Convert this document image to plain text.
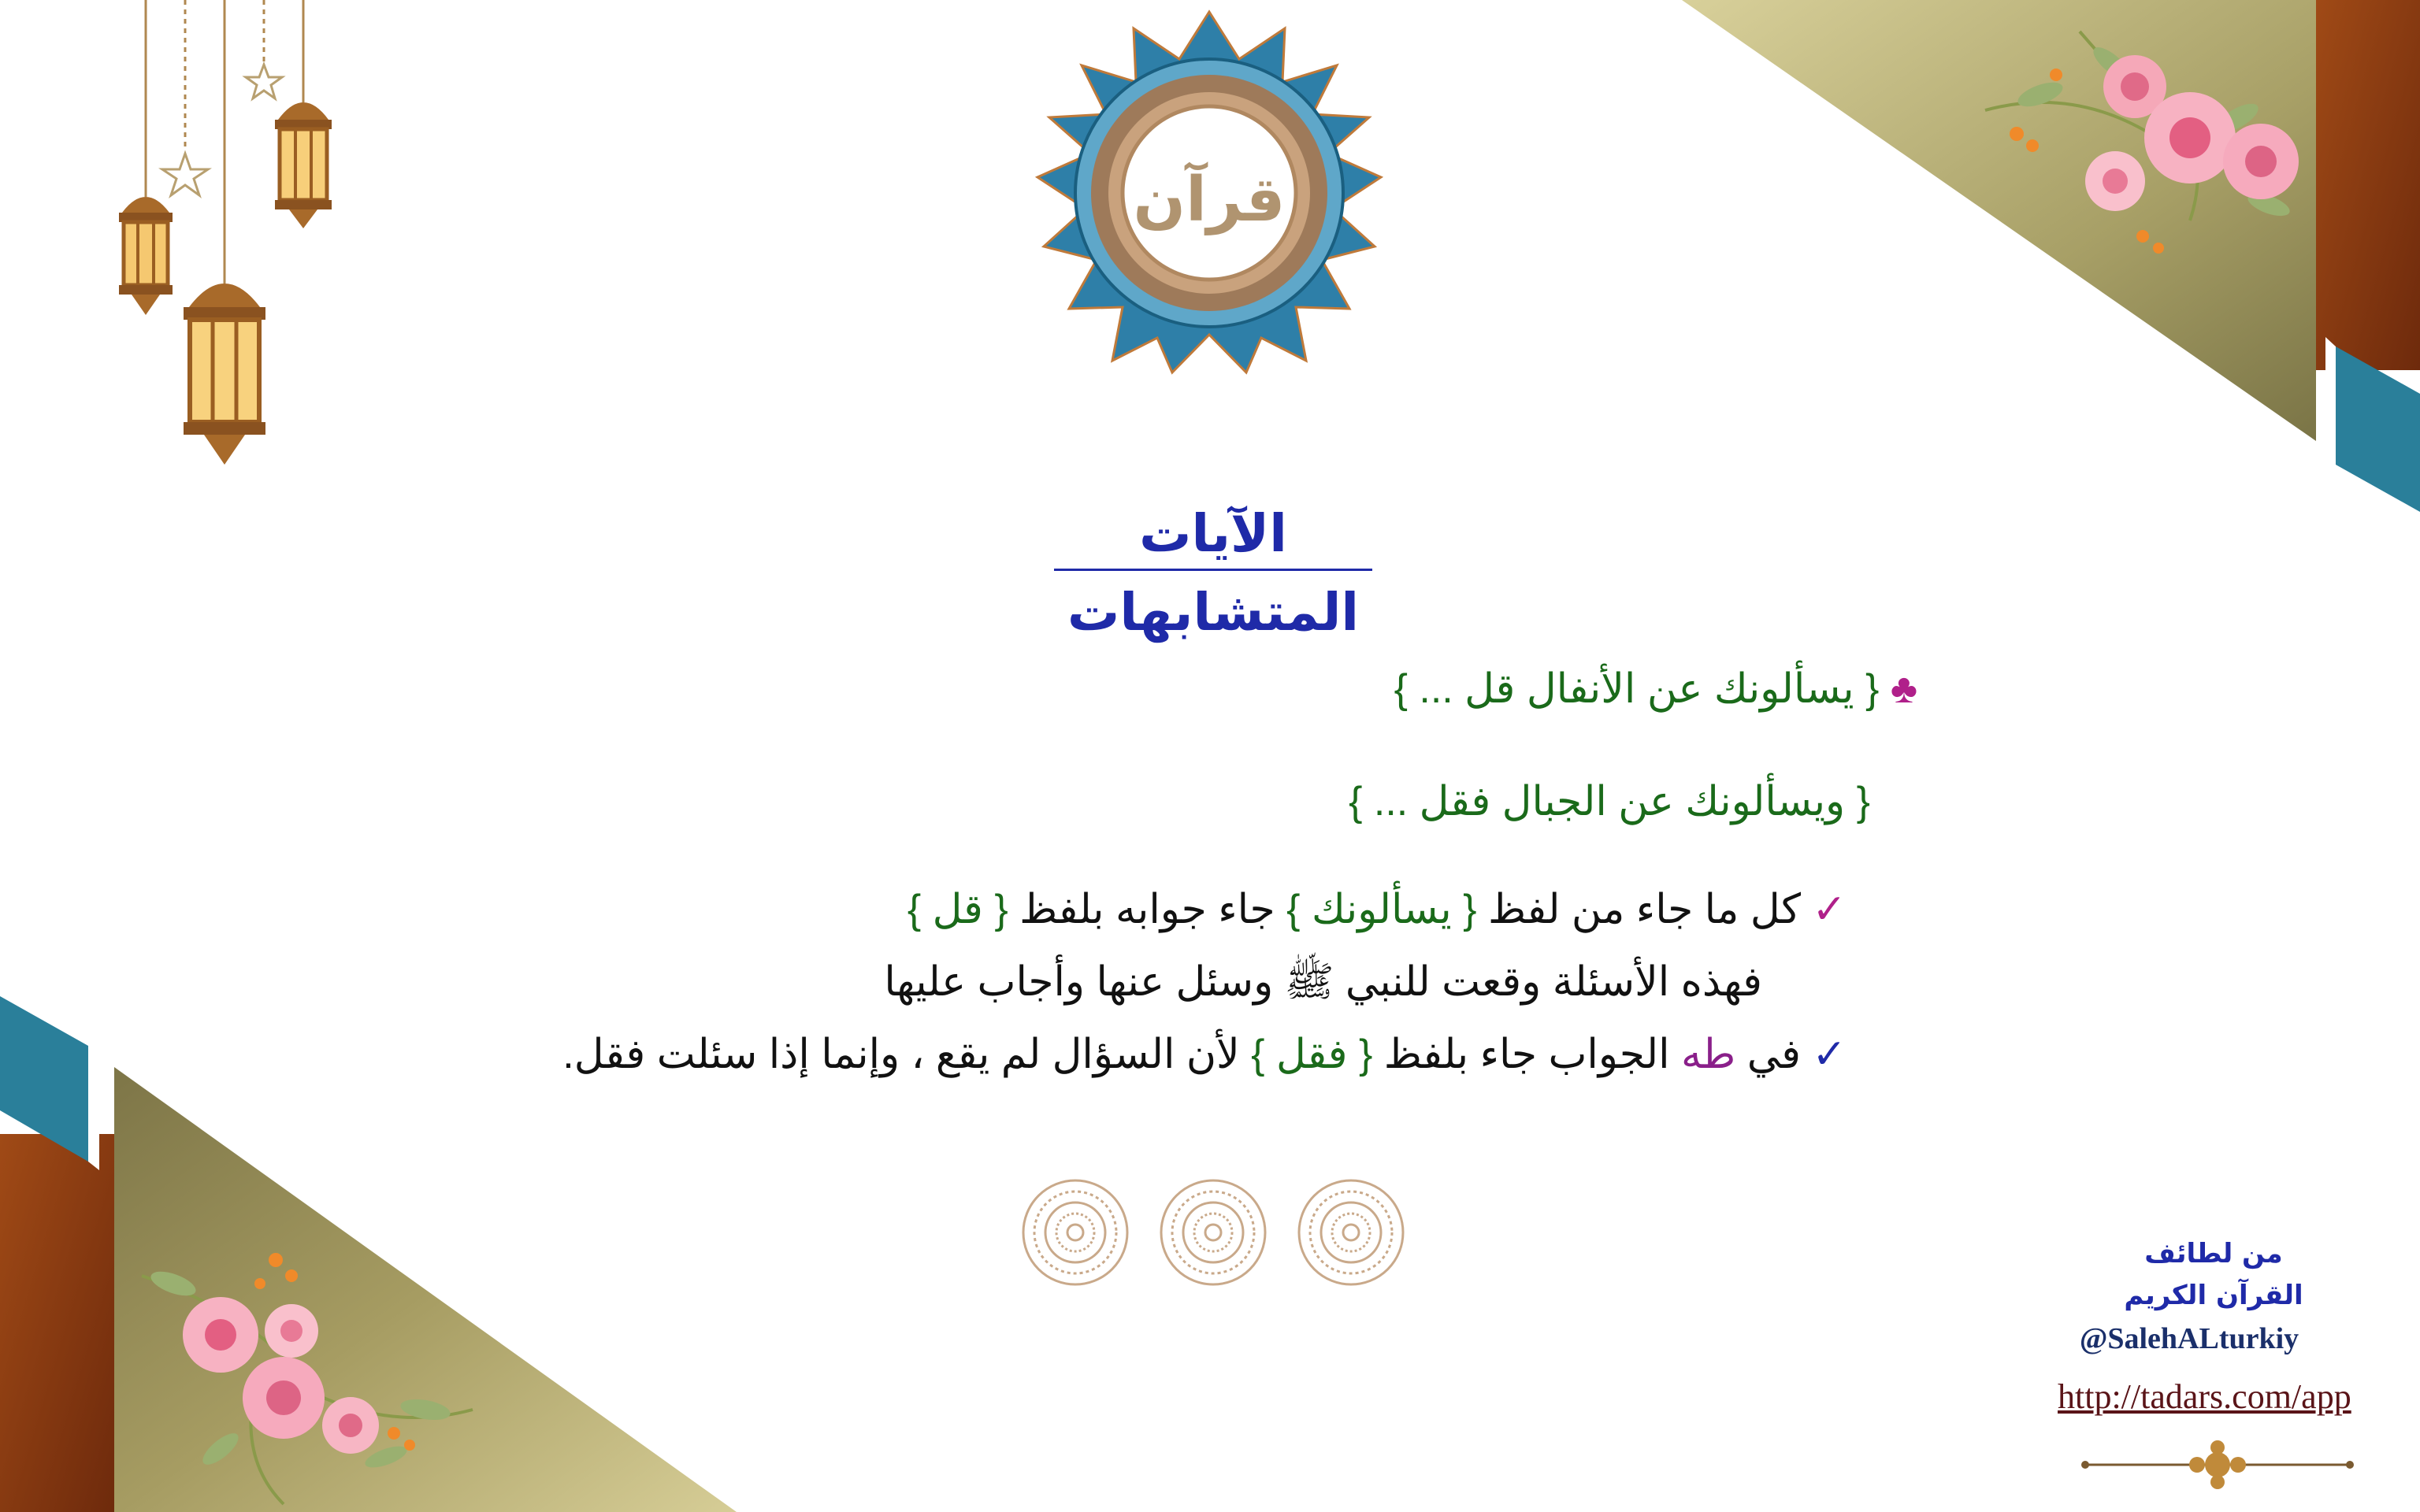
قرآن
الآيات المتشابهات
♣ { يسألونك عن الأنفال قل ... }
{ ويسألونك عن الجبال فقل ... }
✓ كل ما جاء من لفظ { يسألونك } جاء جوابه بلفظ { قل }
فهذه الأسئلة وقعت للنبي ﷺ وسئل عنها وأجاب عليها
✓ في طه الجواب جاء بلفظ { فقل } لأن السؤال لم يقع ، وإنما إذا سئلت فقل.
من لطائف
القرآن الكريم
@SalehALturkiy
http://tadars.com/app
